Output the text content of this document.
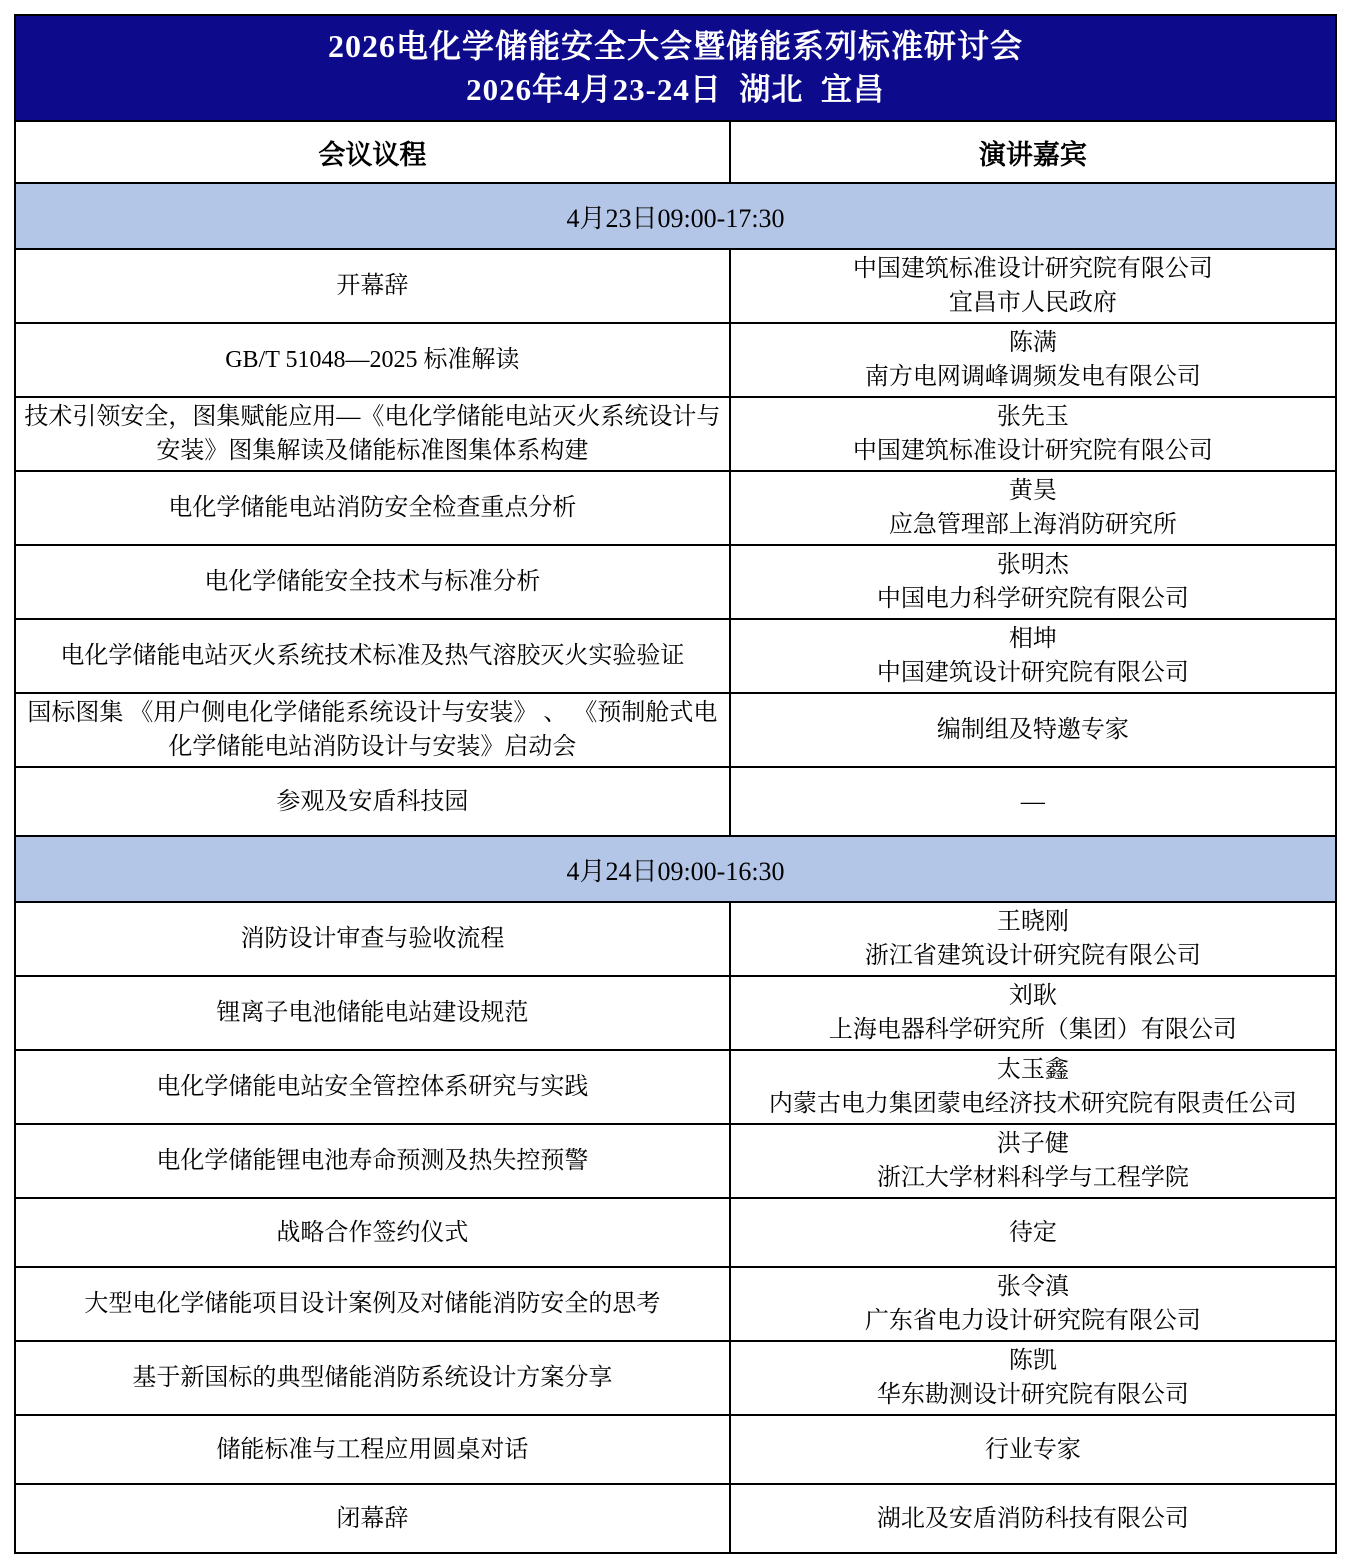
2026电化学储能安全大会暨储能系列标准研讨会
2026年4月23-24日  湖北  宜昌	

会议议程	演讲嘉宾
4月23日09:00-17:30	
开幕辞	中国建筑标准设计研究院有限公司
宜昌市人民政府

GB/T 51048—2025 标准解读	陈满
南方电网调峰调频发电有限公司

技术引领安全，图集赋能应用—《电化学储能电站灭火系统设计与安装》图集解读及储能标准图集体系构建	张先玉
中国建筑标准设计研究院有限公司

电化学储能电站消防安全检查重点分析	黄昊
应急管理部上海消防研究所

电化学储能安全技术与标准分析	张明杰
中国电力科学研究院有限公司

电化学储能电站灭火系统技术标准及热气溶胶灭火实验验证	相坤
中国建筑设计研究院有限公司

国标图集 《用户侧电化学储能系统设计与安装》 、 《预制舱式电化学储能电站消防设计与安装》启动会	编制组及特邀专家

参观及安盾科技园	—

4月24日09:00-16:30	
消防设计审查与验收流程	王晓刚
浙江省建筑设计研究院有限公司

锂离子电池储能电站建设规范	刘耿
上海电器科学研究所（集团）有限公司

电化学储能电站安全管控体系研究与实践	太玉鑫
内蒙古电力集团蒙电经济技术研究院有限责任公司

电化学储能锂电池寿命预测及热失控预警	洪子健
浙江大学材料科学与工程学院

战略合作签约仪式	待定

大型电化学储能项目设计案例及对储能消防安全的思考	张令滇
广东省电力设计研究院有限公司

基于新国标的典型储能消防系统设计方案分享	陈凯
华东勘测设计研究院有限公司

储能标准与工程应用圆桌对话	行业专家

闭幕辞	湖北及安盾消防科技有限公司
